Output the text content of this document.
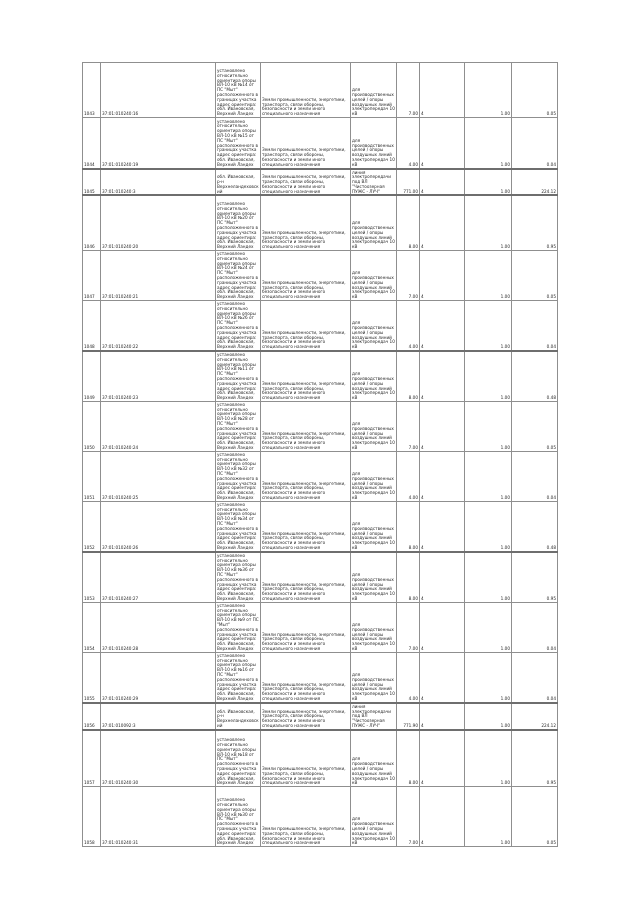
1043	37:01:010240:16	установлено относительно ориентира опоры ВЛ-10 кВ №14 от ПС "Мыт" расположенного в границах участка адрес ориентира: обл. Ивановская, Верхний Ландех	Земли промышленности, энергетики, транспорта, связи обороны, безопасности и земли иного специального назначения	для производственных целей / опоры воздушных линий электропередач 10 кВ	7.00	4	1.00	0.05
1044	37:01:010240:19	установлено относительно ориентира опоры ВЛ-10 кВ №15 от ПС "Мыт" расположенного в границах участка адрес ориентира: обл. Ивановская, Верхний Ландех	Земли промышленности, энергетики, транспорта, связи обороны, безопасности и земли иного специального назначения	для производственных целей / опоры воздушных линий электропередач 10 кВ	4.00	4	1.00	0.04
1045	37:01:010240:3	обл. Ивановская, р-н Верхнеландеховский	Земли промышленности, энергетики, транспорта, связи обороны, безопасности и земли иного специального назначения	линия электропередачи под ВЛ "Чистоозерная ПУЖС - ЛУЧ"	771.00	4	1.00	224.12
1046	37:01:010240:20	установлено относительно ориентира опоры ВЛ-10 кВ №20 от ПС "Мыт" расположенного в границах участка адрес ориентира: обл. Ивановская, Верхний Ландех	Земли промышленности, энергетики, транспорта, связи обороны, безопасности и земли иного специального назначения	для производственных целей / опоры воздушных линий электропередач 10 кВ	8.00	4	1.00	0.95
1047	37:01:010240:21	установлено относительно ориентира опоры ВЛ-10 кВ №24 от ПС "Мыт" расположенного в границах участка адрес ориентира: обл. Ивановская, Верхний Ландех	Земли промышленности, энергетики, транспорта, связи обороны, безопасности и земли иного специального назначения	для производственных целей / опоры воздушных линий электропередач 10 кВ	7.00	4	1.00	0.05
1048	37:01:010240:22	установлено относительно ориентира опоры ВЛ-10 кВ №26 от ПС "Мыт" расположенного в границах участка адрес ориентира: обл. Ивановская, Верхний Ландех	Земли промышленности, энергетики, транспорта, связи обороны, безопасности и земли иного специального назначения	для производственных целей / опоры воздушных линий электропередач 10 кВ	4.00	4	1.00	0.04
1049	37:01:010240:23	установлено относительно ориентира опоры ВЛ-10 кВ №11 от ПС "Мыт" расположенного в границах участка адрес ориентира: обл. Ивановская, Верхний Ландех	Земли промышленности, энергетики, транспорта, связи обороны, безопасности и земли иного специального назначения	для производственных целей / опоры воздушных линий электропередач 10 кВ	8.00	4	1.00	0.48
1050	37:01:010240:24	установлено относительно ориентира опоры ВЛ-10 кВ №28 от ПС "Мыт" расположенного в границах участка адрес ориентира: обл. Ивановская, Верхний Ландех	Земли промышленности, энергетики, транспорта, связи обороны, безопасности и земли иного специального назначения	для производственных целей / опоры воздушных линий электропередач 10 кВ	7.00	4	1.00	0.05
1051	37:01:010240:25	установлено относительно ориентира опоры ВЛ-10 кВ №32 от ПС "Мыт" расположенного в границах участка адрес ориентира: обл. Ивановская, Верхний Ландех	Земли промышленности, энергетики, транспорта, связи обороны, безопасности и земли иного специального назначения	для производственных целей / опоры воздушных линий электропередач 10 кВ	4.00	4	1.00	0.04
1052	37:01:010240:26	установлено относительно ориентира опоры ВЛ-10 кВ №34 от ПС "Мыт" расположенного в границах участка адрес ориентира: обл. Ивановская, Верхний Ландех	Земли промышленности, энергетики, транспорта, связи обороны, безопасности и земли иного специального назначения	для производственных целей / опоры воздушных линий электропередач 10 кВ	8.00	4	1.00	0.48
1053	37:01:010240:27	установлено относительно ориентира опоры ВЛ-10 кВ №36 от ПС "Мыт" расположенного в границах участка адрес ориентира: обл. Ивановская, Верхний Ландех	Земли промышленности, энергетики, транспорта, связи обороны, безопасности и земли иного специального назначения	для производственных целей / опоры воздушных линий электропередач 10 кВ	8.00	4	1.00	0.95
1054	37:01:010240:28	установлено относительно ориентира опоры ВЛ-10 кВ №9 от ПС "Мыт" расположенного в границах участка адрес ориентира: обл. Ивановская, Верхний Ландех	Земли промышленности, энергетики, транспорта, связи обороны, безопасности и земли иного специального назначения	для производственных целей / опоры воздушных линий электропередач 10 кВ	7.00	4	1.00	0.04
1055	37:01:010240:29	установлено относительно ориентира опоры ВЛ-10 кВ №16 от ПС "Мыт" расположенного в границах участка адрес ориентира: обл. Ивановская, Верхний Ландех	Земли промышленности, энергетики, транспорта, связи обороны, безопасности и земли иного специального назначения	для производственных целей / опоры воздушных линий электропередач 10 кВ	4.00	4	1.00	0.04
1056	37:01:010092:3	обл. Ивановская, р-н Верхнеландеховский	Земли промышленности, энергетики, транспорта, связи обороны, безопасности и земли иного специального назначения	линия электропередачи под ВЛ "Чистоозерная ПУЖС - ЛУЧ"	771.90	4	1.00	224.12
1057	37:01:010240:30	установлено относительно ориентира опоры ВЛ-10 кВ №18 от ПС "Мыт" расположенного в границах участка адрес ориентира: обл. Ивановская, Верхний Ландех	Земли промышленности, энергетики, транспорта, связи обороны, безопасности и земли иного специального назначения	для производственных целей / опоры воздушных линий электропередач 10 кВ	8.00	4	1.00	0.95
1058	37:01:010240:31	установлено относительно ориентира опоры ВЛ-10 кВ №30 от ПС "Мыт" расположенного в границах участка адрес ориентира: обл. Ивановская, Верхний Ландех	Земли промышленности, энергетики, транспорта, связи обороны, безопасности и земли иного специального назначения	для производственных целей / опоры воздушных линий электропередач 10 кВ	7.00	4	1.00	0.05
